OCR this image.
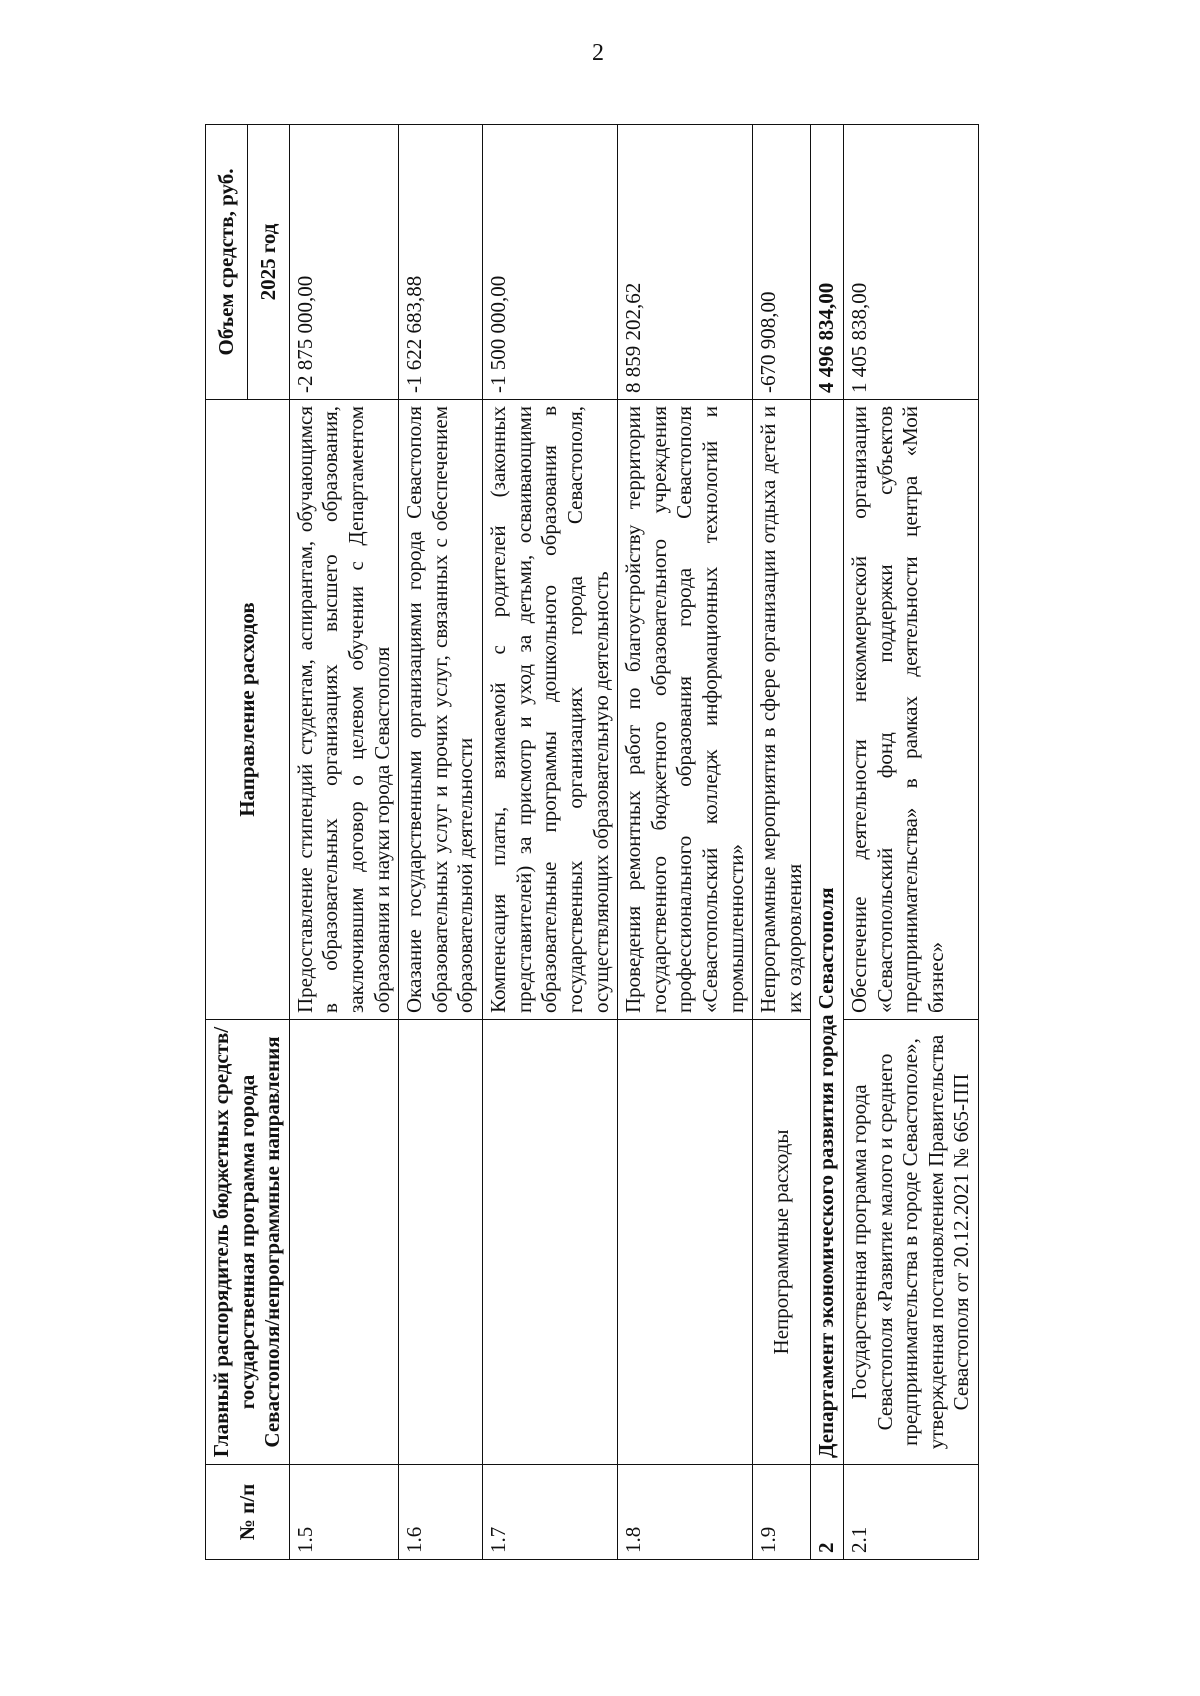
2
№ п/п	Главный распорядитель бюджетных средств/государственная программа города Севастополя/непрограммные направления	Направление расходов	Объем средств, руб.
			2025 год
1.5		Предоставление стипендий студентам, аспирантам, обучающимся в образовательных организациях высшего образования, заключившим договор о целевом обучении с Департаментом образования и науки города Севастополя	-2 875 000,00
1.6		Оказание государственными организациями города Севастополя образовательных услуг и прочих услуг, связанных с обеспечением образовательной деятельности	-1 622 683,88
1.7		Компенсация платы, взимаемой с родителей (законных представителей) за присмотр и уход за детьми, осваивающими образовательные программы дошкольного образования в государственных организациях города Севастополя, осуществляющих образовательную деятельность	-1 500 000,00
1.8		Проведения ремонтных работ по благоустройству территории государственного бюджетного образовательного учреждения профессионального образования города Севастополя «Севастопольский колледж информационных технологий и промышленности»	8 859 202,62
1.9	Непрограммные расходы	Непрограммные мероприятия в сфере организации отдыха детей и их оздоровления	-670 908,00
2	Департамент экономического развития города Севастополя		4 496 834,00
2.1	Государственная программа города Севастополя «Развитие малого и среднего предпринимательства в городе Севастополе», утвержденная постановлением Правительства Севастополя от 20.12.2021 № 665-ПП	Обеспечение деятельности некоммерческой организации «Севастопольский фонд поддержки субъектов предпринимательства» в рамках деятельности центра «Мой бизнес»	1 405 838,00
